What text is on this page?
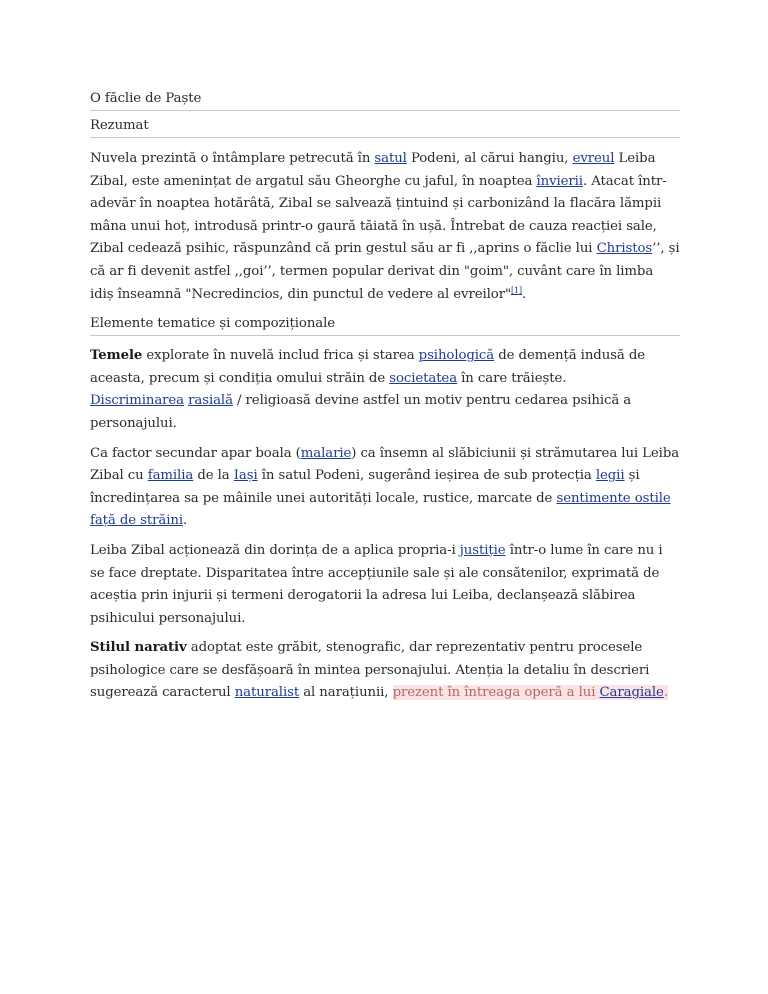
O făclie de Paște
Rezumat

Nuvela prezintă o întâmplare petrecută în satul Podeni, al cărui hangiu, evreul Leiba Zibal, este amenințat de argatul său Gheorghe cu jaful, în noaptea învierii. Atacat într-adevăr în noaptea hotărâtă, Zibal se salvează țintuind și carbonizând la flacăra lămpii mâna unui hoț, introdusă printr-o gaură tăiată în ușă. Întrebat de cauza reacției sale, Zibal cedează psihic, răspunzând că prin gestul său ar fi ,,aprins o făclie lui Christos’’, și că ar fi devenit astfel ,,goi’’, termen popular derivat din "goim", cuvânt care în limba idiș înseamnă "Necredincios, din punctul de vedere al evreilor"[1].

Elemente tematice și compoziționale

Temele explorate în nuvelă includ frica și starea psihologică de demență indusă de aceasta, precum și condiția omului străin de societatea în care trăiește.
Discriminarea rasială / religioasă devine astfel un motiv pentru cedarea psihică a personajului.

Ca factor secundar apar boala (malarie) ca însemn al slăbiciunii și strămutarea lui Leiba Zibal cu familia de la Iași în satul Podeni, sugerând ieșirea de sub protecția legii și încredințarea sa pe mâinile unei autorități locale, rustice, marcate de sentimente ostile față de străini.

Leiba Zibal acționează din dorința de a aplica propria-i justiție într-o lume în care nu i se face dreptate. Disparitatea între accepțiunile sale și ale consătenilor, exprimată de aceștia prin injurii și termeni derogatorii la adresa lui Leiba, declanșează slăbirea psihicului personajului.

Stilul narativ adoptat este grăbit, stenografic, dar reprezentativ pentru procesele psihologice care se desfășoară în mintea personajului. Atenția la detaliu în descrieri sugerează caracterul naturalist al narațiunii, prezent în întreaga operă a lui Caragiale.
